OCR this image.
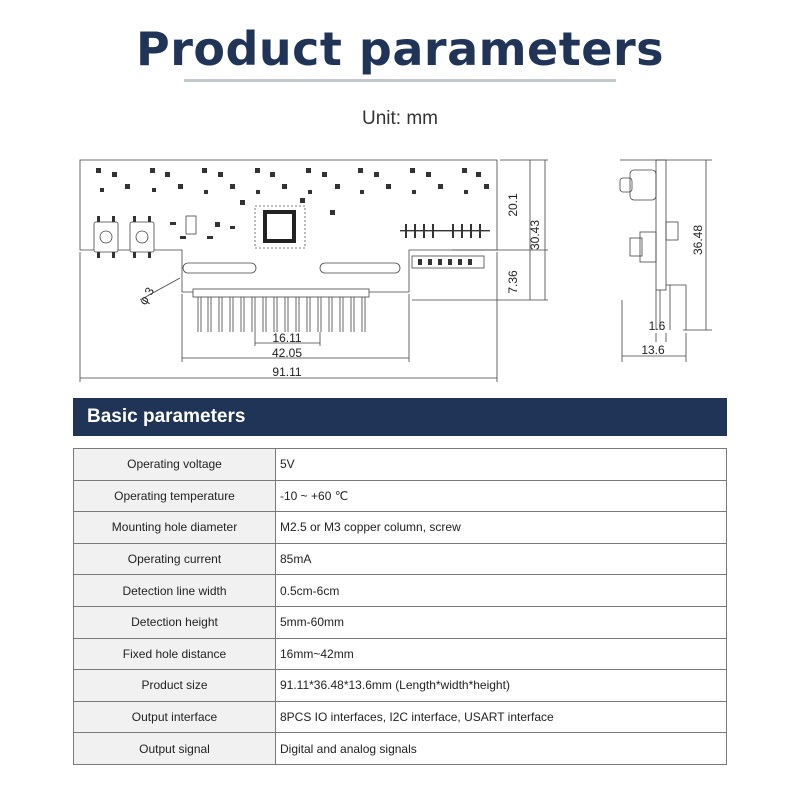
Product parameters
Unit: mm
20.1
30.43
7.36
φ 3
16.11
42.05
91.11
36.48
1.6
13.6
Basic parameters
Operating voltage	5V
Operating temperature	-10 ~ +60 ℃
Mounting hole diameter	M2.5 or M3 copper column, screw
Operating current	85mA
Detection line width	0.5cm-6cm
Detection height	5mm-60mm
Fixed hole distance	16mm~42mm
Product size	91.11*36.48*13.6mm (Length*width*height)
Output interface	8PCS IO interfaces, I2C interface, USART interface
Output signal	Digital and analog signals
